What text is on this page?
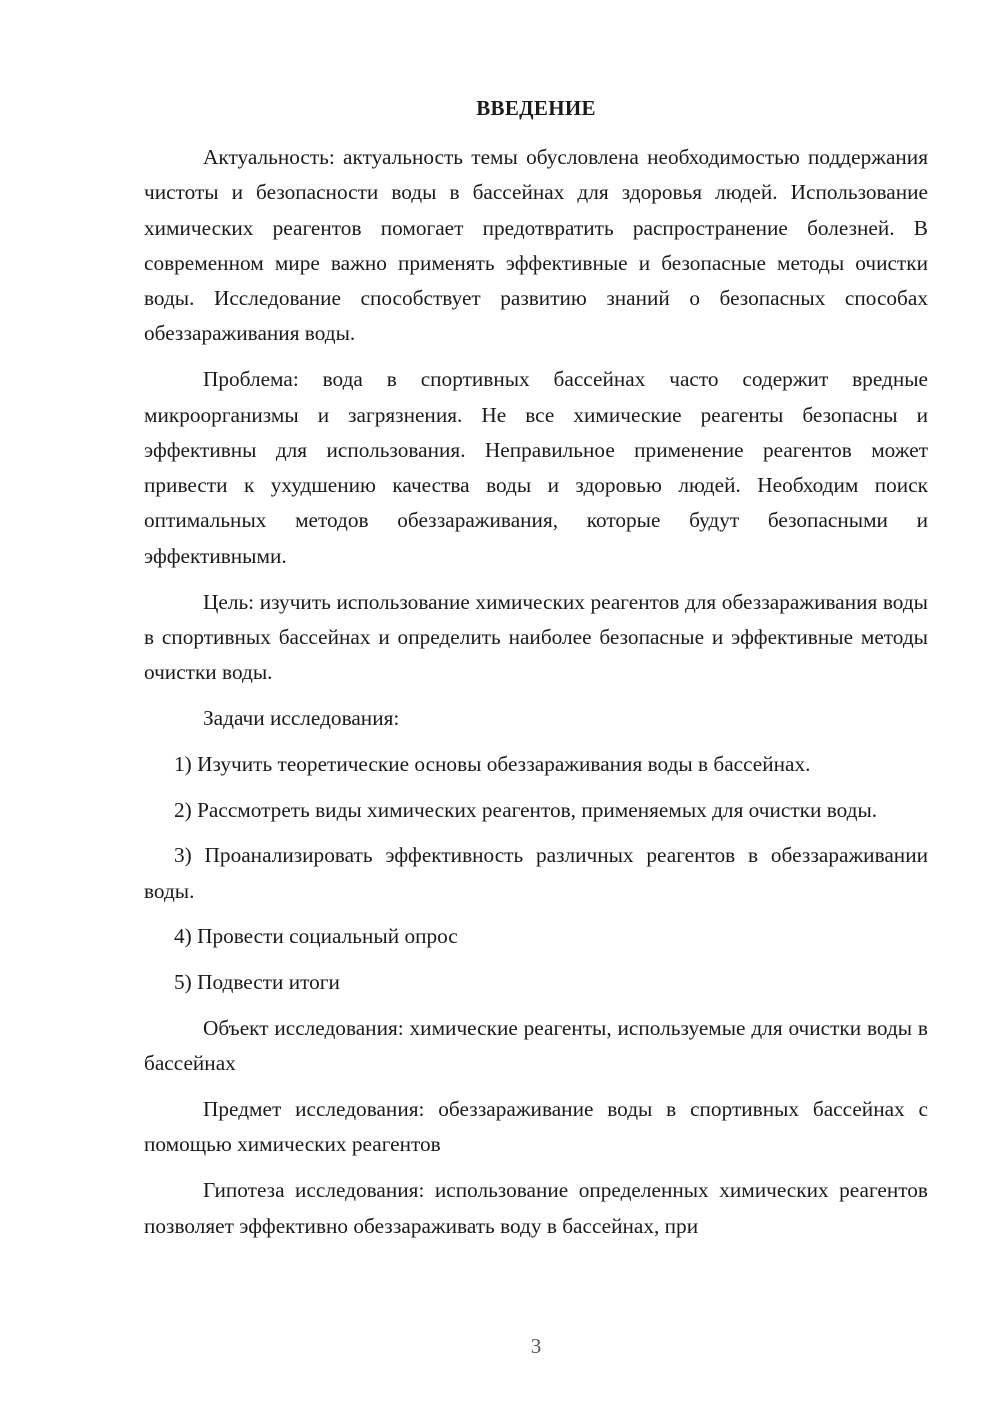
ВВЕДЕНИЕ

Актуальность: актуальность темы обусловлена необходимостью поддержания чистоты и безопасности воды в бассейнах для здоровья людей. Использование химических реагентов помогает предотвратить распространение болезней. В современном мире важно применять эффективные и безопасные методы очистки воды. Исследование способствует развитию знаний о безопасных способах обеззараживания воды.

Проблема: вода в спортивных бассейнах часто содержит вредные микроорганизмы и загрязнения. Не все химические реагенты безопасны и эффективны для использования. Неправильное применение реагентов может привести к ухудшению качества воды и здоровью людей. Необходим поиск оптимальных методов обеззараживания, которые будут безопасными и эффективными.

Цель: изучить использование химических реагентов для обеззараживания воды в спортивных бассейнах и определить наиболее безопасные и эффективные методы очистки воды.

Задачи исследования:

1) Изучить теоретические основы обеззараживания воды в бассейнах.

2) Рассмотреть виды химических реагентов, применяемых для очистки воды.

3) Проанализировать эффективность различных реагентов в обеззараживании воды.

4) Провести социальный опрос

5) Подвести итоги

Объект исследования: химические реагенты, используемые для очистки воды в бассейнах

Предмет исследования: обеззараживание воды в спортивных бассейнах с помощью химических реагентов

Гипотеза исследования: использование определенных химических реагентов позволяет эффективно обеззараживать воду в бассейнах, при

3
